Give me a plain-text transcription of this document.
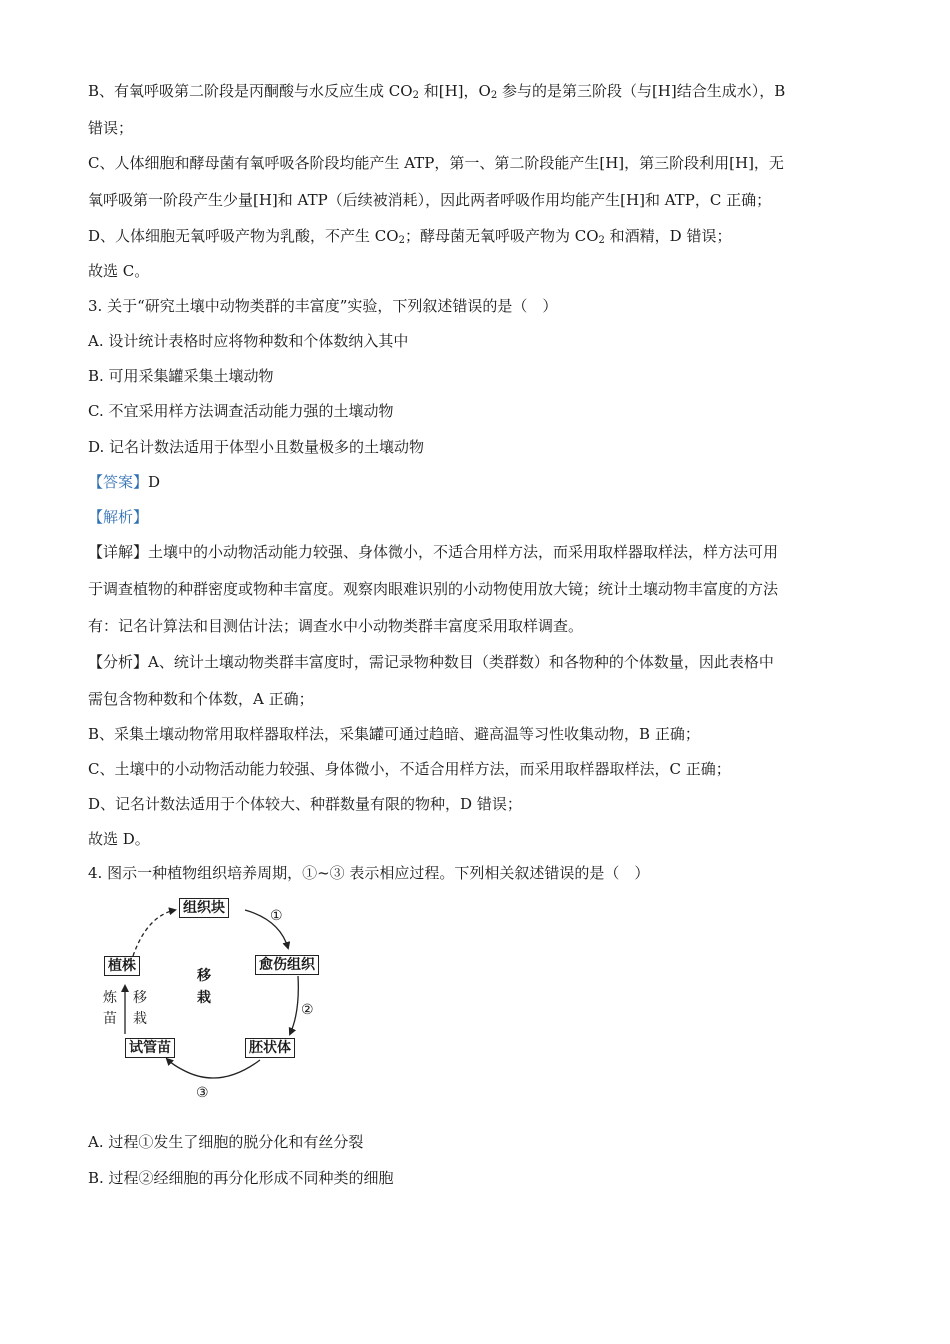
B、有氧呼吸第二阶段是丙酮酸与水反应生成 $CO_2$ 和[H]，$O_2$ 参与的是第三阶段（与[H]结合生成水），B
错误；
C、人体细胞和酵母菌有氧呼吸各阶段均能产生 ATP，第一、第二阶段能产生[H]，第三阶段利用[H]，无
氧呼吸第一阶段产生少量[H]和 ATP（后续被消耗），因此两者呼吸作用均能产生[H]和 ATP，C 正确；
D、人体细胞无氧呼吸产物为乳酸，不产生 $CO_2$；酵母菌无氧呼吸产物为 $CO_2$ 和酒精，D 错误；
故选 C。
3. 关于“研究土壤中动物类群的丰富度”实验，下列叙述错误的是（　）
A. 设计统计表格时应将物种数和个体数纳入其中
B. 可用采集罐采集土壤动物
C. 不宜采用样方法调查活动能力强的土壤动物
D. 记名计数法适用于体型小且数量极多的土壤动物
【答案】D
【解析】
【详解】土壤中的小动物活动能力较强、身体微小，不适合用样方法，而采用取样器取样法，样方法可用
于调查植物的种群密度或物种丰富度。观察肉眼难识别的小动物使用放大镜；统计土壤动物丰富度的方法
有：记名计算法和目测估计法；调查水中小动物类群丰富度采用取样调查。
【分析】A、统计土壤动物类群丰富度时，需记录物种数目（类群数）和各物种的个体数量，因此表格中
需包含物种数和个体数，A 正确；
B、采集土壤动物常用取样器取样法，采集罐可通过趋暗、避高温等习性收集动物，B 正确；
C、土壤中的小动物活动能力较强、身体微小，不适合用样方法，而采用取样器取样法，C 正确；
D、记名计数法适用于个体较大、种群数量有限的物种，D 错误；
故选 D。
4. 图示一种植物组织培养周期，①~③ 表示相应过程。下列相关叙述错误的是（　）
组织块
愈伤组织
胚状体
试管苗
植株
移
栽
炼
苗
移
栽
①
②
③
A. 过程①发生了细胞的脱分化和有丝分裂
B. 过程②经细胞的再分化形成不同种类的细胞
